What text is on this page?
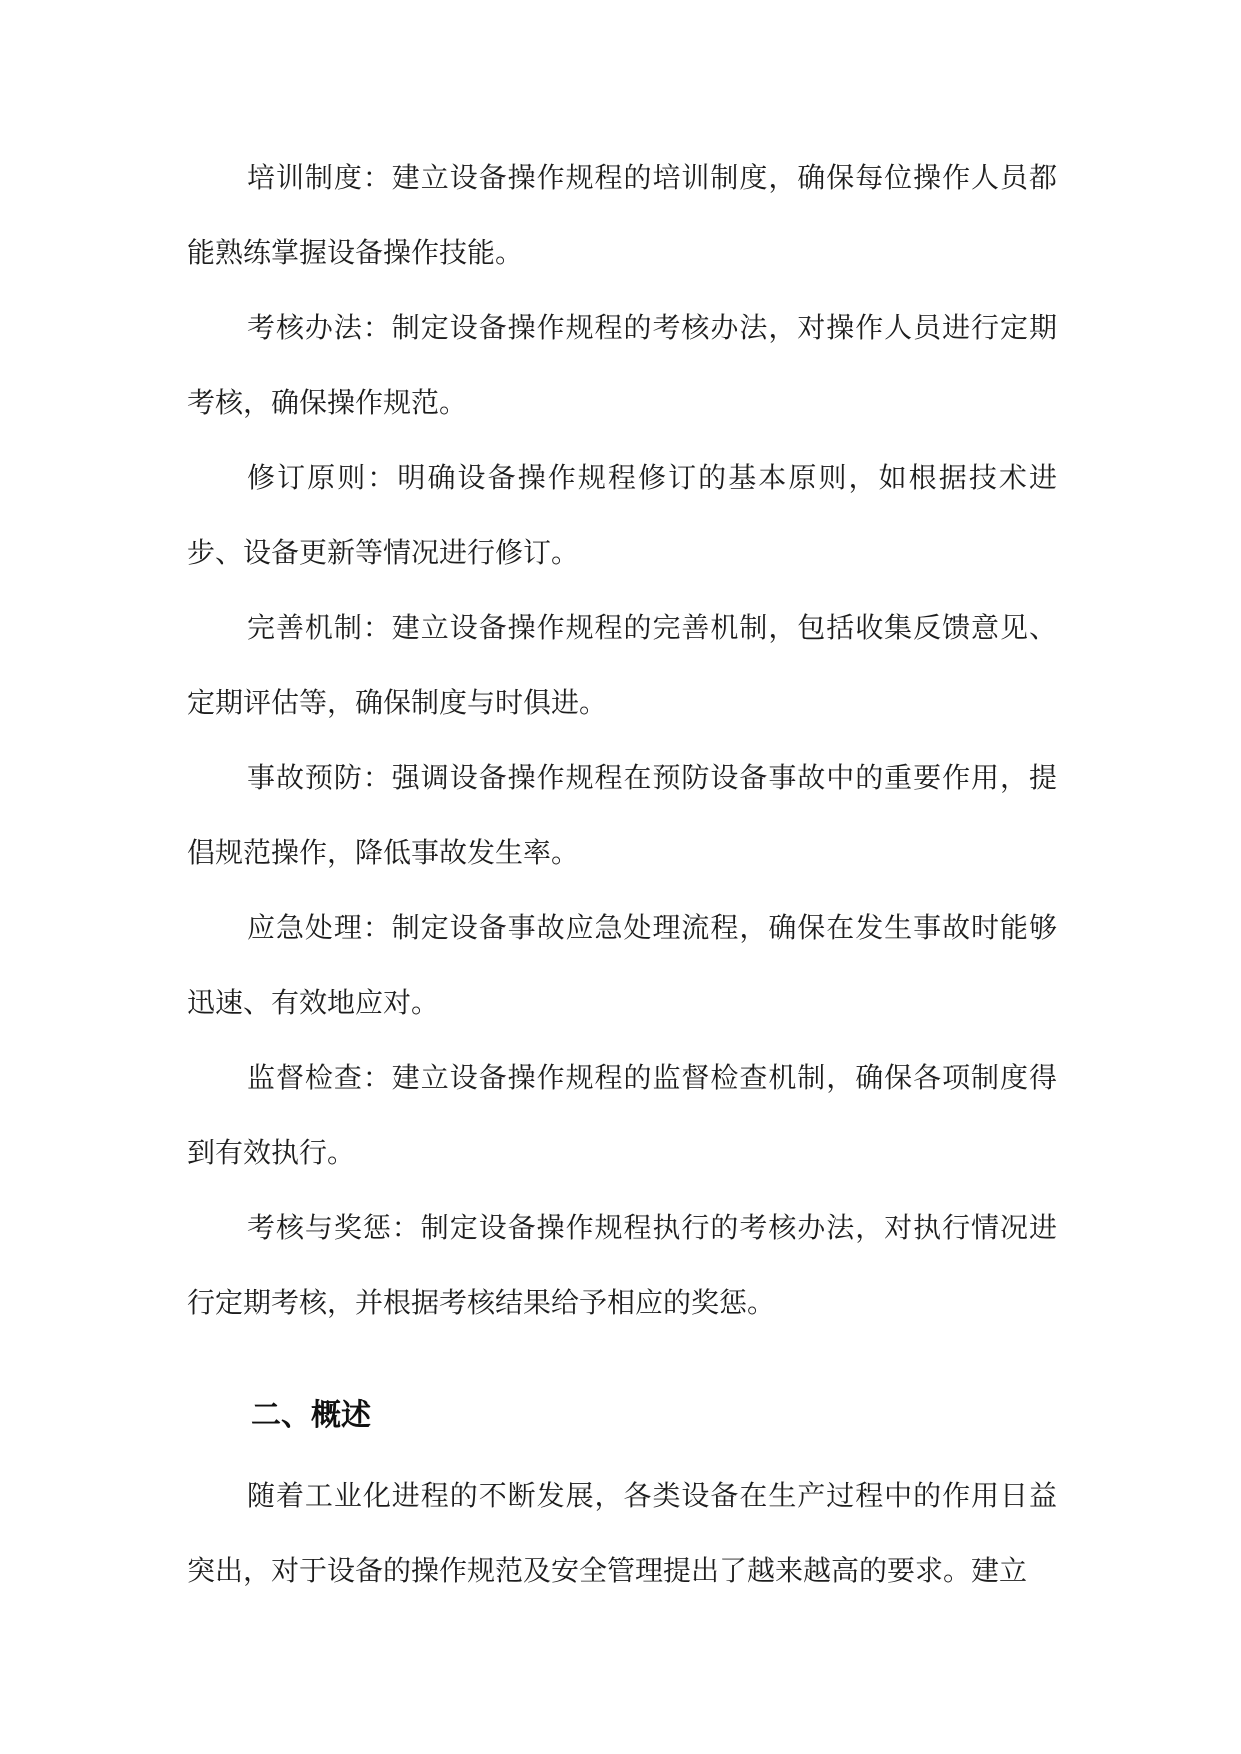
培训制度：建立设备操作规程的培训制度，确保每位操作人员都能熟练掌握设备操作技能。

考核办法：制定设备操作规程的考核办法，对操作人员进行定期考核，确保操作规范。

修订原则：明确设备操作规程修订的基本原则，如根据技术进步、设备更新等情况进行修订。

完善机制：建立设备操作规程的完善机制，包括收集反馈意见、定期评估等，确保制度与时俱进。

事故预防：强调设备操作规程在预防设备事故中的重要作用，提倡规范操作，降低事故发生率。

应急处理：制定设备事故应急处理流程，确保在发生事故时能够迅速、有效地应对。

监督检查：建立设备操作规程的监督检查机制，确保各项制度得到有效执行。

考核与奖惩：制定设备操作规程执行的考核办法，对执行情况进行定期考核，并根据考核结果给予相应的奖惩。

二、概述

随着工业化进程的不断发展，各类设备在生产过程中的作用日益突出，对于设备的操作规范及安全管理提出了越来越高的要求。建立
